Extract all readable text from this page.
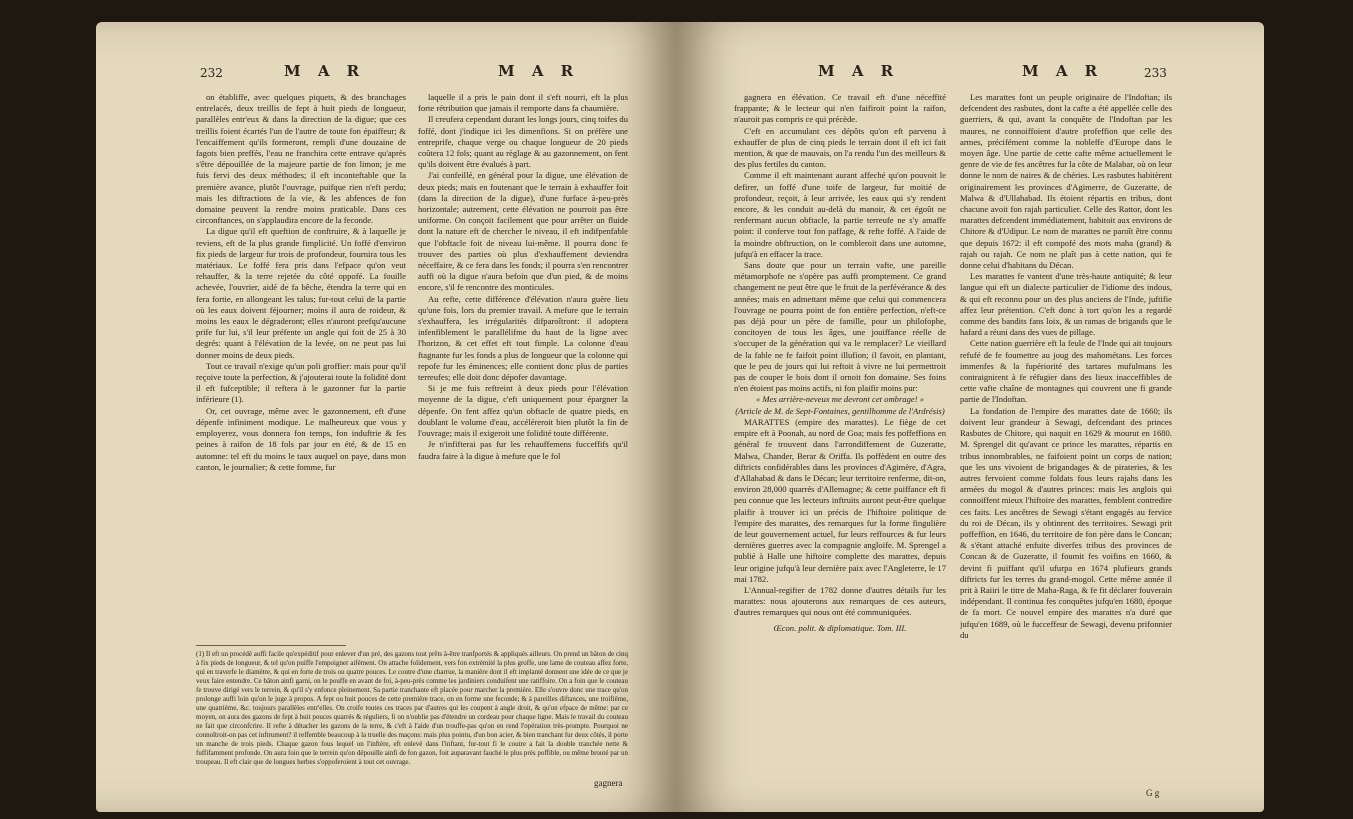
232	M A R	M A R

on établiffe, avec quelques piquets, & des branchages entrelacés, deux treillis de fept à huit pieds de longueur, parallèles entr'eux & dans la direction de la digue; que ces treillis foient écartés l'un de l'autre de toute fon épaiffeur; & l'encaiffement qu'ils formeront, rempli d'une douzaine de fagots bien preffés, l'eau ne franchira cette entrave qu'après s'être dépouillée de la majeure partie de fon limon; je me fuis fervi des deux méthodes; il eft inconteftable que la première avance, plutôt l'ouvrage, puifque rien n'eft perdu; mais les diftractions de la vie, & les abfences de fon domaine peuvent la rendre moins praticable. Dans ces circonftances, on s'applaudira encore de la feconde.

La digue qu'il eft queftion de conftruire, & à laquelle je reviens, eft de la plus grande fimplicité. Un foffé d'environ fix pieds de largeur fur trois de profondeur, fournira tous les matériaux. Le foffé fera pris dans l'efpace qu'on veut rehauffer, & la terre rejetée du côté oppofé. La fouille achevée, l'ouvrier, aidé de fa bêche, étendra la terre qui en fera fortie, en allongeant les talus; fur-tout celui de la partie où les eaux doivent féjourner; moins il aura de roideur, & moins les eaux le dégraderont; elles n'auront prefqu'aucune prife fur lui, s'il leur préfente un angle qui foit de 25 à 30 degrés: quant à l'élévation de la levée, on ne peut pas lui donner moins de deux pieds.

Tout ce travail n'exige qu'un poli groffier: mais pour qu'il reçoive toute la perfection, & j'ajouterai toute la folidité dont il eft fufceptible; il reftera à le gazonner fur la partie inférieure (1).

Or, cet ouvrage, même avec le gazonnement, eft d'une dépenfe infiniment modique. Le malheureux que vous y employerez, vous donnera fon temps, fon induftrie & fes peines à raifon de 18 fols par jour en été, & de 15 en automne: tel eft du moins le taux auquel on paye, dans mon canton, le journalier; & cette fomme, fur

laquelle il a pris le pain dont il s'eft nourri, eft la plus forte rétribution que jamais il remporte dans fa chaumière.

Il creufera cependant durant les longs jours, cinq toifes du foffé, dont j'indique ici les dimenfions. Si on préfère une entreprife, chaque verge ou chaque longueur de 20 pieds coûtera 12 fols; quant au règlage & au gazonnement, on fent qu'ils doivent être évalués à part.

J'ai confeillé, en général pour la digue, une élévation de deux pieds; mais en foutenant que le terrain à exhauffer foit (dans la direction de la digue), d'une furface à-peu-près horizontale; autrement, cette élévation ne pourroit pas être uniforme. On conçoit facilement que pour arrêter un fluide dont la nature eft de chercher le niveau, il eft indifpenfable que l'obftacle foit de niveau lui-même. Il pourra donc fe trouver des parties où plus d'exhauffement deviendra néceffaire, & ce fera dans les fonds; il pourra s'en rencontrer auffi où la digue n'aura befoin que d'un pied, & de moins encore, s'il fe rencontre des monticules.

Au refte, cette différence d'élévation n'aura guère lieu qu'une fois, lors du premier travail. A mefure que le terrain s'exhauffera, les irrégularités difparoîtront: il adoptera infenfiblement le parallélifme du haut de la ligne avec l'horizon, & cet effet eft tout fimple. La colonne d'eau ftagnante fur les fonds a plus de longueur que la colonne qui repofe fur les éminences; elle contient donc plus de parties terreufes; elle doit donc dépofer davantage.

Si je me fuis reftreint à deux pieds pour l'élévation moyenne de la digue, c'eft uniquement pour épargner la dépenfe. On fent affez qu'un obftacle de quatre pieds, en doublant le volume d'eau, accéléreroit bien plutôt la fin de l'ouvrage; mais il exigeroit une folidité toute différente.

Je n'infifterai pas fur les rehauffemens fucceffifs qu'il faudra faire à la digue à mefure que le fol

(1) Il eft un procédé auffi facile qu'expéditif pour enlever d'un pré, des gazons tout prêts à-être tranfportés & appliqués ailleurs. On prend un bâton de cinq à fix pieds de longueur, & tel qu'on puiffe l'empoigner aifément. On attache folidement, vers fon extrémité la plus groffe, une lame de couteau affez forte, qui en traverfe le diamètre, & qui en forte de trois ou quatre pouces. Le coutre d'une charrue, la manière dont il eft implanté donnent une idée de ce que je veux faire entendre. Ce bâton ainfi garni, on le pouffe en avant de foi, à-peu-près comme les jardiniers conduifent une ratiffoire. On a foin que le couteau fe trouve dirigé vers le terrein, & qu'il s'y enfonce pleinement. Sa partie tranchante eft placée pour marcher la première. Elle s'ouvre donc une trace qu'on prolonge auffi loin qu'on le juge à propos. A fept ou huit pouces de cette première trace, on en forme une feconde; & à pareilles diftances, une troifième, une quatrième, &c. toujours parallèles entr'elles. On croife toutes ces traces par d'autres qui les coupent à angle droit, & qu'on efpace de même: par ce moyen, on aura des gazons de fept à huit pouces quarrés & réguliers, fi on n'oublie pas d'étendre un cordeau pour chaque ligne. Mais le travail du couteau ne fait que circonfcrire. Il refte à détacher les gazons de la terre, & c'eft à l'aide d'un trouffe-pas qu'on en rend l'opération très-prompte. Pourquoi ne connoîtroit-on pas cet inftrument? il reffemble beaucoup à la truelle des maçons: mais plus pointu, d'un bon acier, & bien tranchant fur deux côtés, il porte un manche de trois pieds. Chaque gazon fous lequel on l'inftère, eft enlevé dans l'inftant, fur-tout fi le coutre a fait la double tranchée nette & fuffifamment profonde. On aura foin que le terrein qu'on dépouille ainfi de fon gazon, foit auparavant fauché le plus près poffible, ou même brouté par un troupeau. Il eft clair que de longues herbes s'oppoferoient à tout cet ouvrage.
gagnera
M A R	M A R	233

gagnera en élévation. Ce travail eft d'une néceffité frappante; & le lecteur qui n'en faifiroit point la raifon, n'auroit pas compris ce qui précède.

C'eft en accumulant ces dépôts qu'on eft parvenu à exhauffer de plus de cinq pieds le terrain dont il eft ici fait mention, & que de mauvais, on l'a rendu l'un des meilleurs & des plus fertiles du canton.

Comme il eft maintenant aurant affeché qu'on pouvoit le defirer, un foffé d'une toife de largeur, fur moitié de profondeur, reçoit, à leur arrivée, les eaux qui s'y rendent encore, & les conduit au-delà du manoir, & cet égoût ne renfermant aucun obftacle, la partie terreufe ne s'y amaffe point: il conferve tout fon paffage, & refte foffé. A l'aide de la moindre obftruction, on le combleroit dans une automne, jufqu'à en effacer la trace.

Sans doute que pour un terrain vafte, une pareille métamorphofe ne s'opère pas auffi promptement. Ce grand changement ne peut être que le fruit de la perfévérance & des années; mais en admettant même que celui qui commencera l'ouvrage ne pourra point de fon entière perfection, n'eft-ce pas déjà pour un père de famille, pour un philofophe, concitoyen de tous les âges, une jouiffance réelle de s'occuper de la génération qui va le remplacer? Le vieillard de la fable ne fe faifoit point illufion; il favoit, en plantant, que le peu de jours qui lui reftoit à vivre ne lui permettroit pas de couper le bois dont il ornoit fon domaine. Ses foins n'en étoient pas moins actifs, ni fon plaifir moins pur:

« Mes arrière-neveux me devront cet ombrage! »

(Article de M. de Sept-Fontaines, gentilhomme de l'Ardrésis)

MARATTES (empire des marattes). Le fiège de cet empire eft à Poonah, au nord de Goa; mais fes poffeffions en général fe trouvent dans l'arrondiffement de Guzeratte, Malwa, Chander, Berar & Oriffa. Ils poffèdent en outre des diftricts confidérables dans les provinces d'Agimère, d'Agra, d'Allahabad & dans le Décan; leur territoire renferme, dit-on, environ 28,000 quarrés d'Allemagne; & cette puiffance eft fi peu connue que les lecteurs inftruits auront peut-être quelque plaifir à trouver ici un précis de l'hiftoire politique de l'empire des marattes, des remarques fur la forme fingulière de leur gouvernement actuel, fur leurs reffources & fur leurs dernières guerres avec la compagnie angloife. M. Sprengel a publié à Halle une hiftoire complette des marattes, depuis leur origine jufqu'à leur dernière paix avec l'Angleterre, le 17 mai 1782.

L'Annual-regifter de 1782 donne d'autres détails fur les marattes: nous ajouterons aux remarques de ces auteurs, d'autres remarques qui nous ont été communiquées.

Œcon. polit. & diplomatique. Tom. III.

Les marattes font un peuple originaire de l'Indoftan; ils defcendent des rasbutes, dont la cafte a été appellée celle des guerriers, & qui, avant la conquête de l'Indoftan par les maures, ne connoiffoient d'autre profeffion que celle des armes, précifément comme la nobleffe d'Europe dans le moyen âge. Une partie de cette cafte même actuellement le genre de vie de fes ancêtres fur la côte de Malabar, où on leur donne le nom de naires & de chéries. Les rasbutes habitèrent originairement les provinces d'Agimerre, de Guzeratte, de Malwa & d'Ullahabad. Ils étoient répartis en tribus, dont chacune avoit fon rajah particulier. Celle des Rattor, dont les marattes defcendent immédiatement, habitoit aux environs de Chitore & d'Udipur. Le nom de marattes ne paroît être connu que depuis 1672: il eft compofé des mots maha (grand) & rajah ou rajah. Ce nom ne plaît pas à cette nation, qui fe donne celui d'habitans du Décan.

Les marattes fe vantent d'une très-haute antiquité; & leur langue qui eft un dialecte particulier de l'idiome des indous, & qui eft reconnu pour un des plus anciens de l'Inde, juftifie affez leur prétention. C'eft donc à tort qu'on les a regardé comme des bandits fans loix, & un ramas de brigands que le hafard a réuni dans des vues de pillage.

Cette nation guerrière eft la feule de l'Inde qui ait toujours refufé de fe foumettre au joug des mahométans. Les forces immenfes & la fupériorité des tartares mufulmans les contraignirent à fe réfugier dans des lieux inacceffibles de cette vafte chaîne de montagnes qui couvrent une fi grande partie de l'Indoftan.

La fondation de l'empire des marattes date de 1660; ils doivent leur grandeur à Sewagi, defcendant des princes Rasbutes de Chitore, qui naquit en 1629 & mourut en 1680. M. Sprengel dit qu'avant ce prince les marattes, répartis en tribus innombrables, ne faifoient point un corps de nation; que les uns vivoient de brigandages & de pirateries, & les autres fervoient comme foldats fous leurs rajahs dans les armées du mogol & d'autres princes: mais les anglois qui connoiffent mieux l'hiftoire des marattes, femblent contredire ces faits. Les ancêtres de Sewagi s'étant engagés au fervice du roi de Décan, ils y obtinrent des territoires. Sewagi prit poffeffion, en 1646, du territoire de fon père dans le Concan; & s'étant attaché enfuite diverfes tribus des provinces de Concan & de Guzeratte, il foumit fes voifins en 1660, & devint fi puiffant qu'il ufurpa en 1674 plufieurs grands diftricts fur les terres du grand-mogol. Cette même année il prit à Raiiri le titre de Maha-Raga, & fe fit déclarer fouverain indépendant. Il continua fes conquêtes jufqu'en 1680, époque de fa mort. Ce nouvel empire des marattes n'a duré que jufqu'en 1689, où le fucceffeur de Sewagi, devenu prifonnier du

G g
